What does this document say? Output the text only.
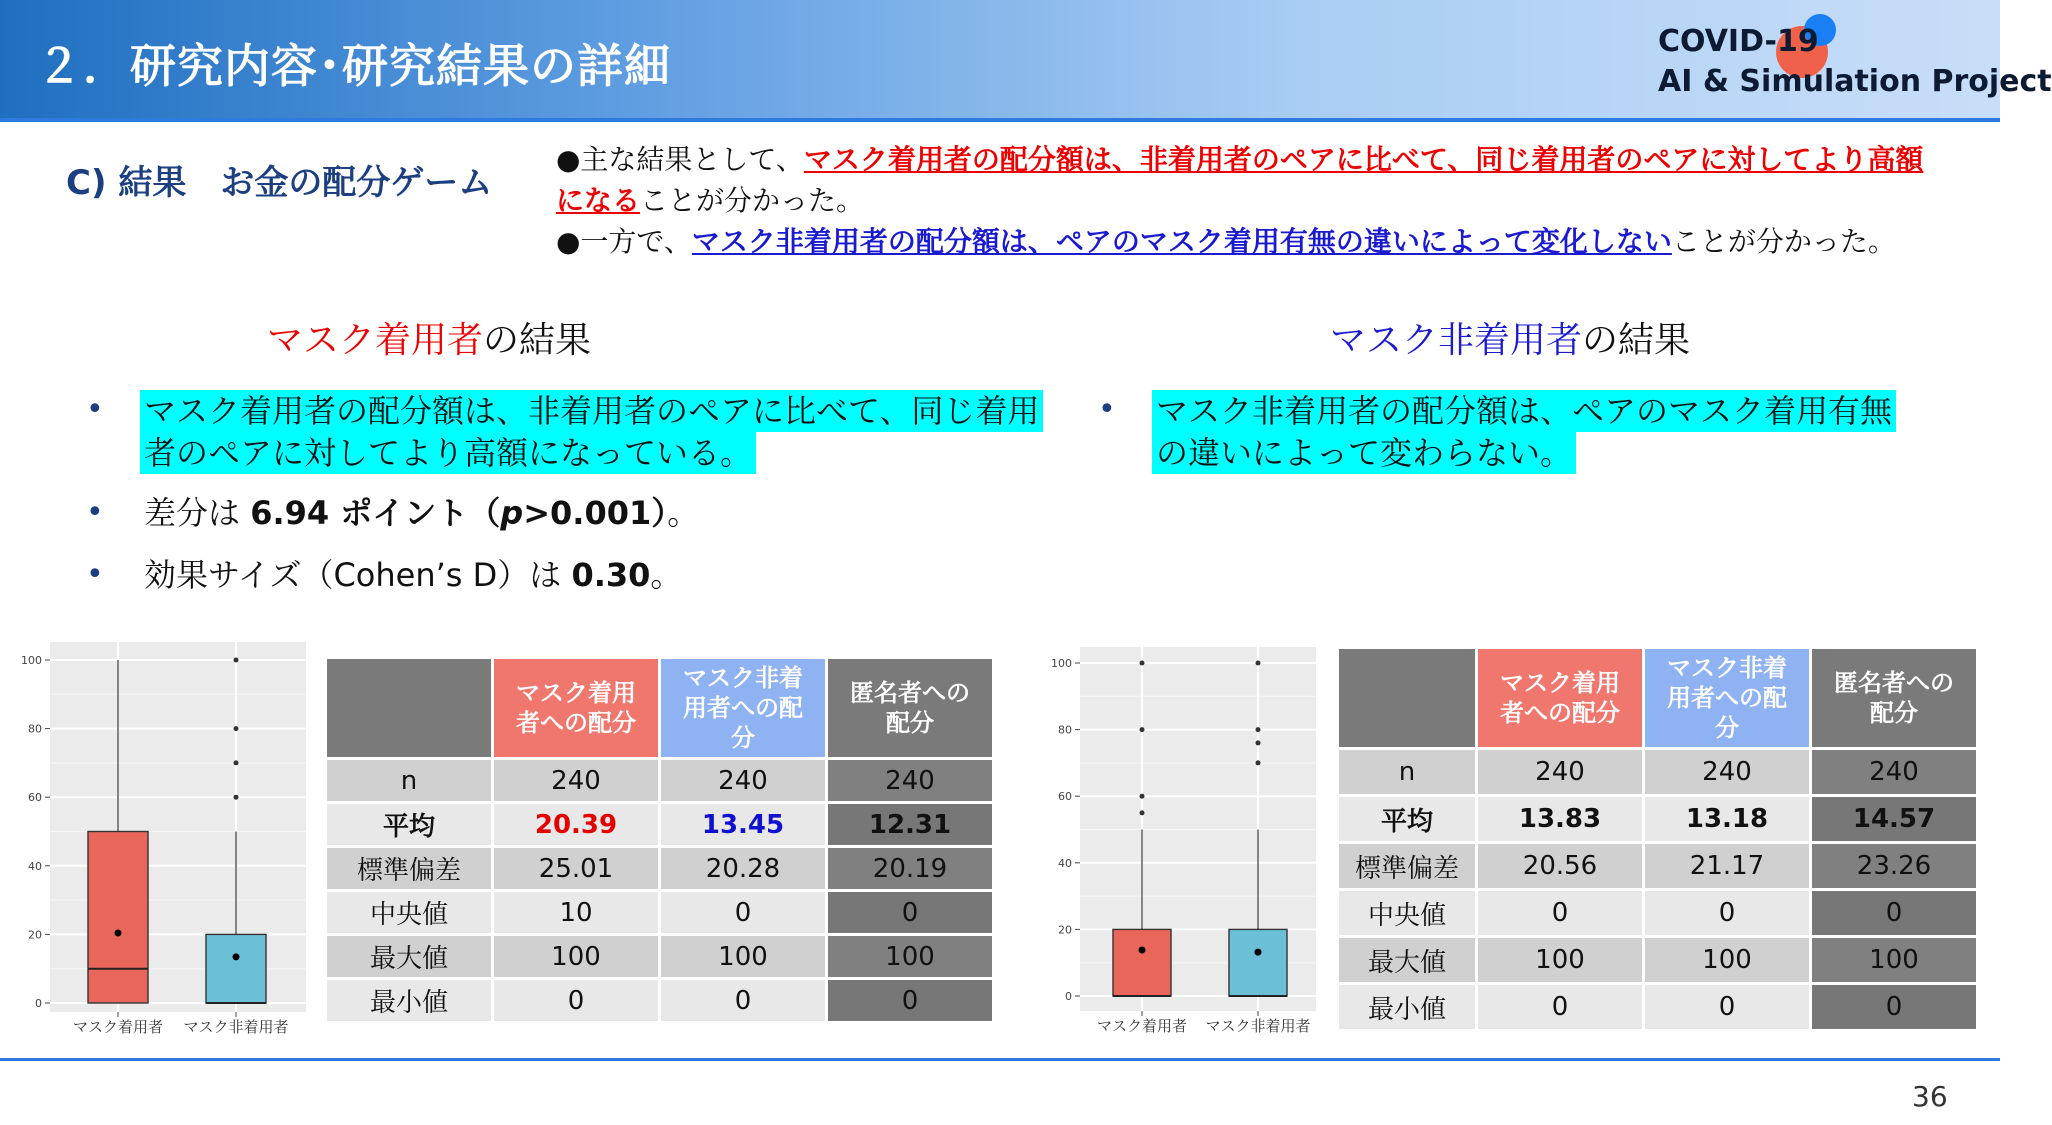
２．研究内容･研究結果の詳細	COVID-19
AI & Simulation Project
C) 結果　お金の配分ゲーム
●主な結果として、マスク着用者の配分額は、非着用者のペアに比べて、同じ着用者のペアに対してより高額
になることが分かった。
●一方で、マスク非着用者の配分額は、ペアのマスク着用有無の違いによって変化しないことが分かった。
マスク着用者の結果
• マスク着用者の配分額は、非着用者のペアに比べて、同じ着用
者のペアに対してより高額になっている。
• 差分は 6.94 ポイント（p>0.001）。
• 効果サイズ（Cohen’s D）は 0.30。
マスク非着用者の結果
• マスク非着用者の配分額は、ペアのマスク着用有無
の違いによって変わらない。
0
20
40
60
80
100
マスク着用者 マスク非着用者
0
20
40
60
80
100
マスク着用者 マスク非着用者
	マスク着用
者への配分	マスク非着
用者への配
分	匿名者への
配分
n	240	240	240
平均	20.39	13.45	12.31
標準偏差	25.01	20.28	20.19
中央値	10	0	0
最大値	100	100	100
最小値	0	0	0
	マスク着用
者への配分	マスク非着
用者への配
分	匿名者への
配分
n	240	240	240
平均	13.83	13.18	14.57
標準偏差	20.56	21.17	23.26
中央値	0	0	0
最大値	100	100	100
最小値	0	0	0
36
